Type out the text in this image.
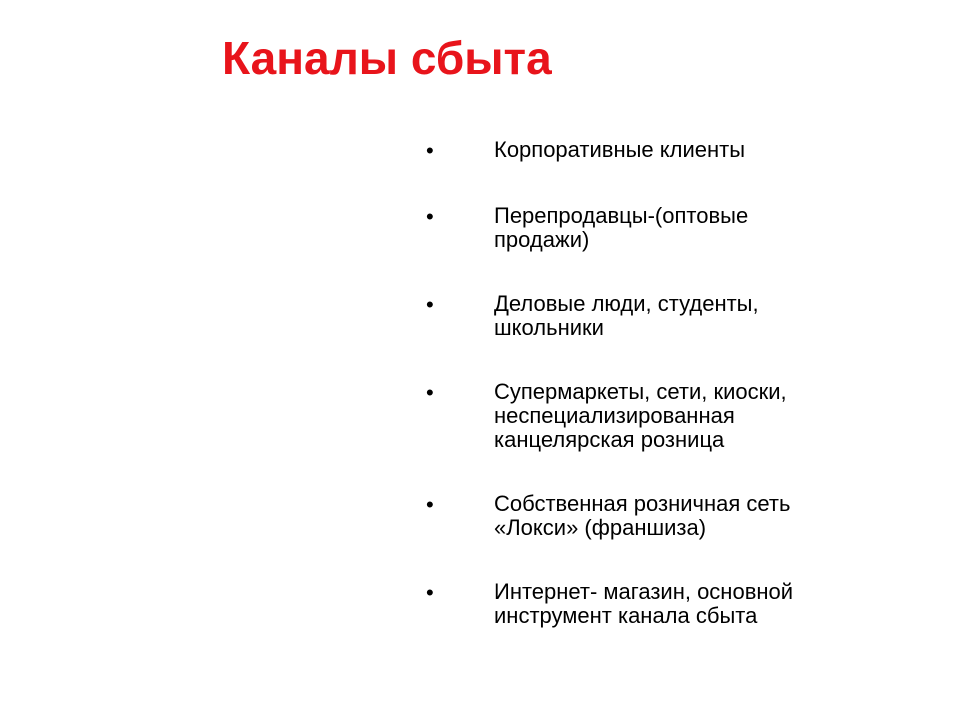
Каналы сбыта
•	Корпоративные клиенты
•	Перепродавцы-(оптовые
продажи)
•	Деловые люди, студенты,
школьники
•	Супермаркеты, сети, киоски,
неспециализированная
канцелярская розница
•	Собственная розничная сеть
«Локси» (франшиза)
•	Интернет- магазин, основной
инструмент канала сбыта
